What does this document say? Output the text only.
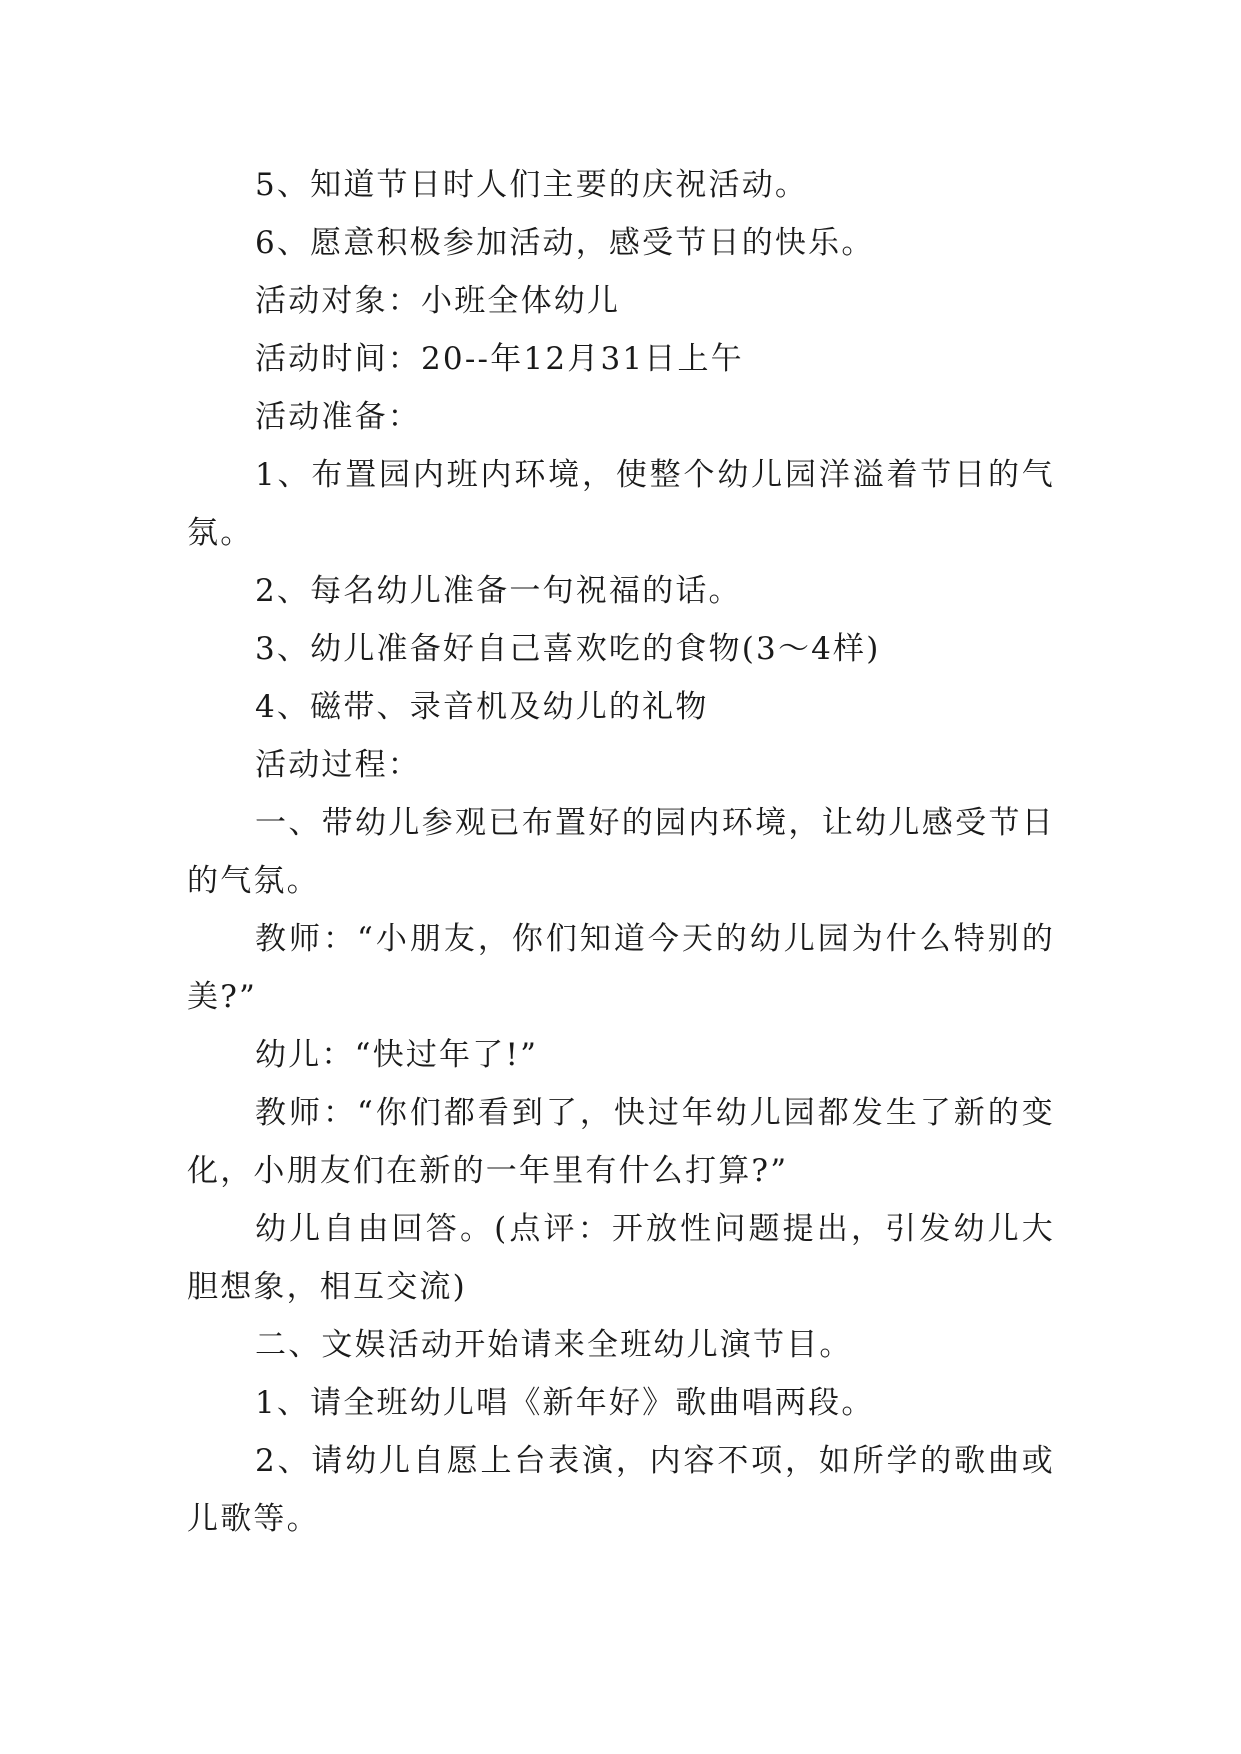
5、知道节日时人们主要的庆祝活动。

6、愿意积极参加活动，感受节日的快乐。

活动对象：小班全体幼儿

活动时间：20--年12月31日上午

活动准备：

1、布置园内班内环境，使整个幼儿园洋溢着节日的气氛。

2、每名幼儿准备一句祝福的话。

3、幼儿准备好自己喜欢吃的食物(3～4样)

4、磁带、录音机及幼儿的礼物

活动过程：

一、带幼儿参观已布置好的园内环境，让幼儿感受节日的气氛。

教师：“小朋友，你们知道今天的幼儿园为什么特别的美?”

幼儿：“快过年了!”

教师：“你们都看到了，快过年幼儿园都发生了新的变化，小朋友们在新的一年里有什么打算?”

幼儿自由回答。(点评：开放性问题提出，引发幼儿大胆想象，相互交流)

二、文娱活动开始请来全班幼儿演节目。

1、请全班幼儿唱《新年好》歌曲唱两段。

2、请幼儿自愿上台表演，内容不项，如所学的歌曲或儿歌等。
